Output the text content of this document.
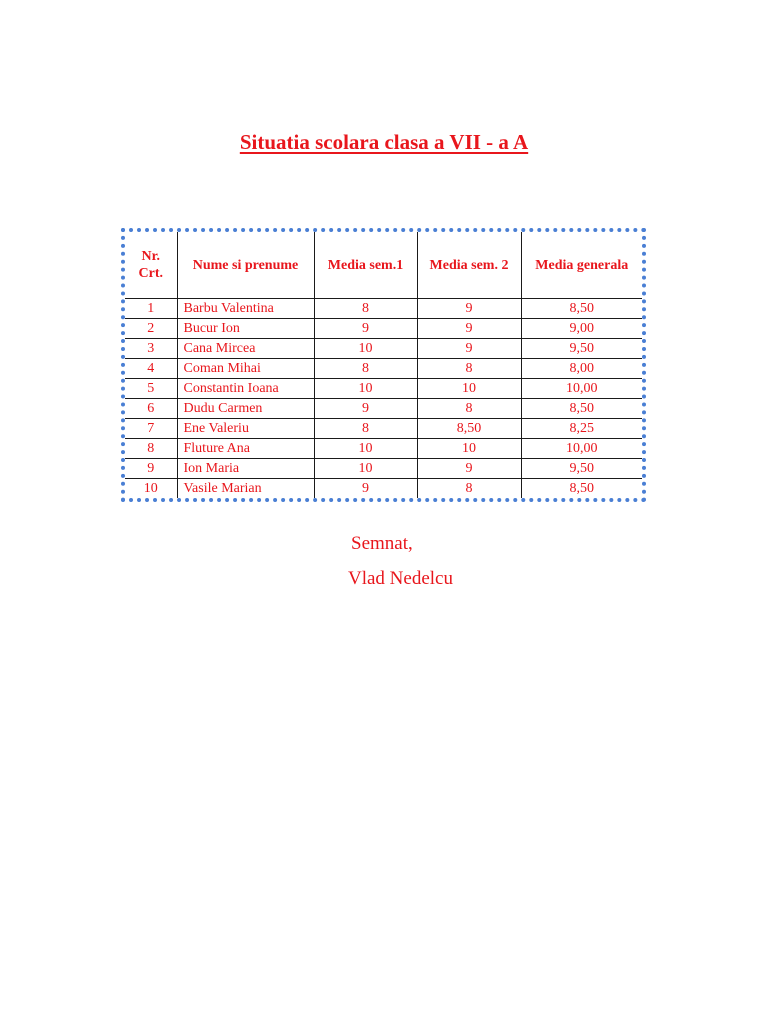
Situatia scolara clasa a VII - a A
Nr. Crt.	Nume si prenume	Media sem.1	Media sem. 2	Media generala
1	Barbu Valentina	8	9	8,50
2	Bucur Ion	9	9	9,00
3	Cana Mircea	10	9	9,50
4	Coman Mihai	8	8	8,00
5	Constantin Ioana	10	10	10,00
6	Dudu Carmen	9	8	8,50
7	Ene Valeriu	8	8,50	8,25
8	Fluture Ana	10	10	10,00
9	Ion Maria	10	9	9,50
10	Vasile Marian	9	8	8,50

Semnat,

Vlad Nedelcu
